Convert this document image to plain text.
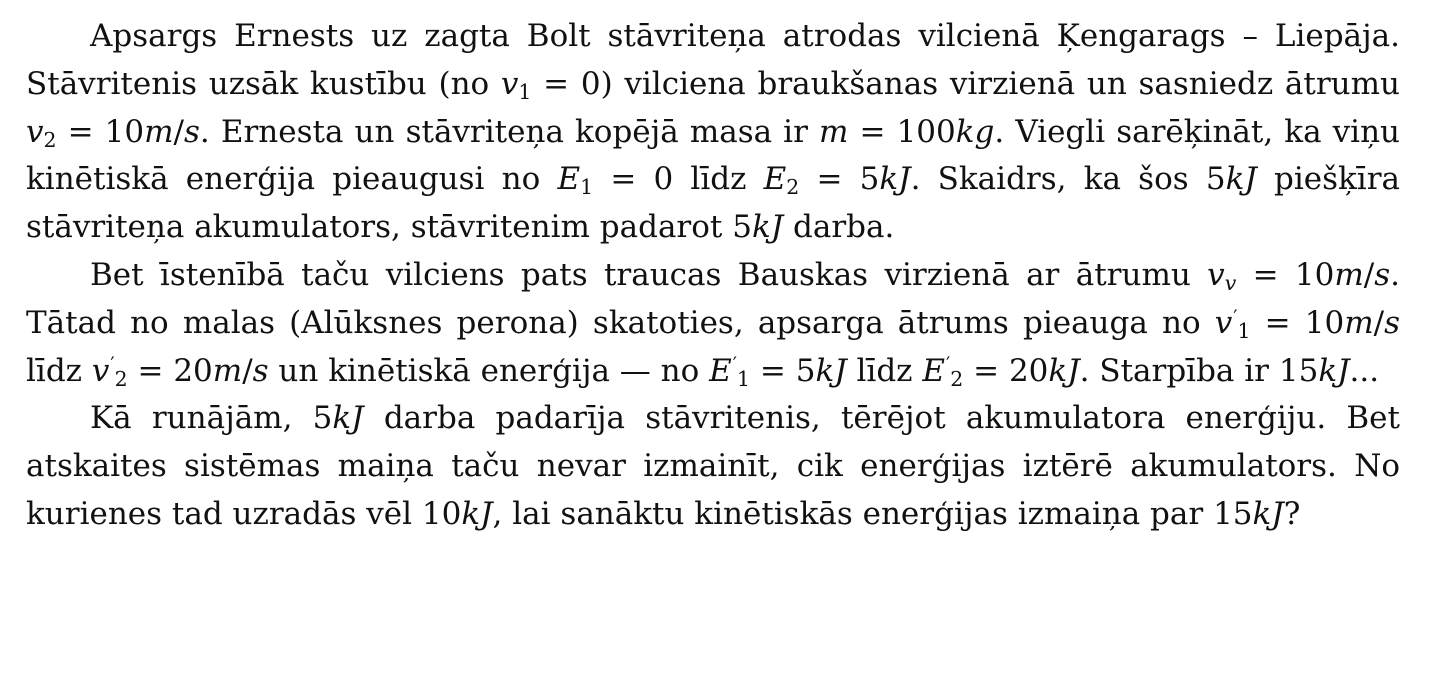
Apsargs Ernests uz zagta Bolt stāvriteņa atrodas vilcienā Ķengarags – Liepāja. Stāvritenis uzsāk kustību (no $v_1 = 0$) vilciena braukšanas virzienā un sasniedz ātrumu $v_2 = 10m/s$. Ernesta un stāvriteņa kopējā masa ir m = 100kg. Viegli sarēķināt, ka viņu kinētiskā enerģija pieaugusi no $E_1 = 0$ līdz $E_2 = 5kJ$. Skaidrs, ka šos 5kJ piešķīra stāvriteņa akumulators, stāvritenim padarot 5kJ darba.

Bet īstenībā taču vilciens pats traucas Bauskas virzienā ar ātrumu $v_v = 10m/s$. Tātad no malas (Alūksnes perona) skatoties, apsarga ātrums pieauga no $v'_1 = 10m/s$ līdz $v'_2 = 20m/s$ un kinētiskā enerģija — no $E'_1 = 5kJ$ līdz $E'_2 = 20kJ$. Starpība ir 15kJ...

Kā runājām, 5kJ darba padarīja stāvritenis, tērējot akumulatora enerģiju. Bet atskaites sistēmas maiņa taču nevar izmainīt, cik enerģijas iztērē akumulators. No kurienes tad uzradās vēl 10kJ, lai sanāktu kinētiskās enerģijas izmaiņa par 15kJ?
